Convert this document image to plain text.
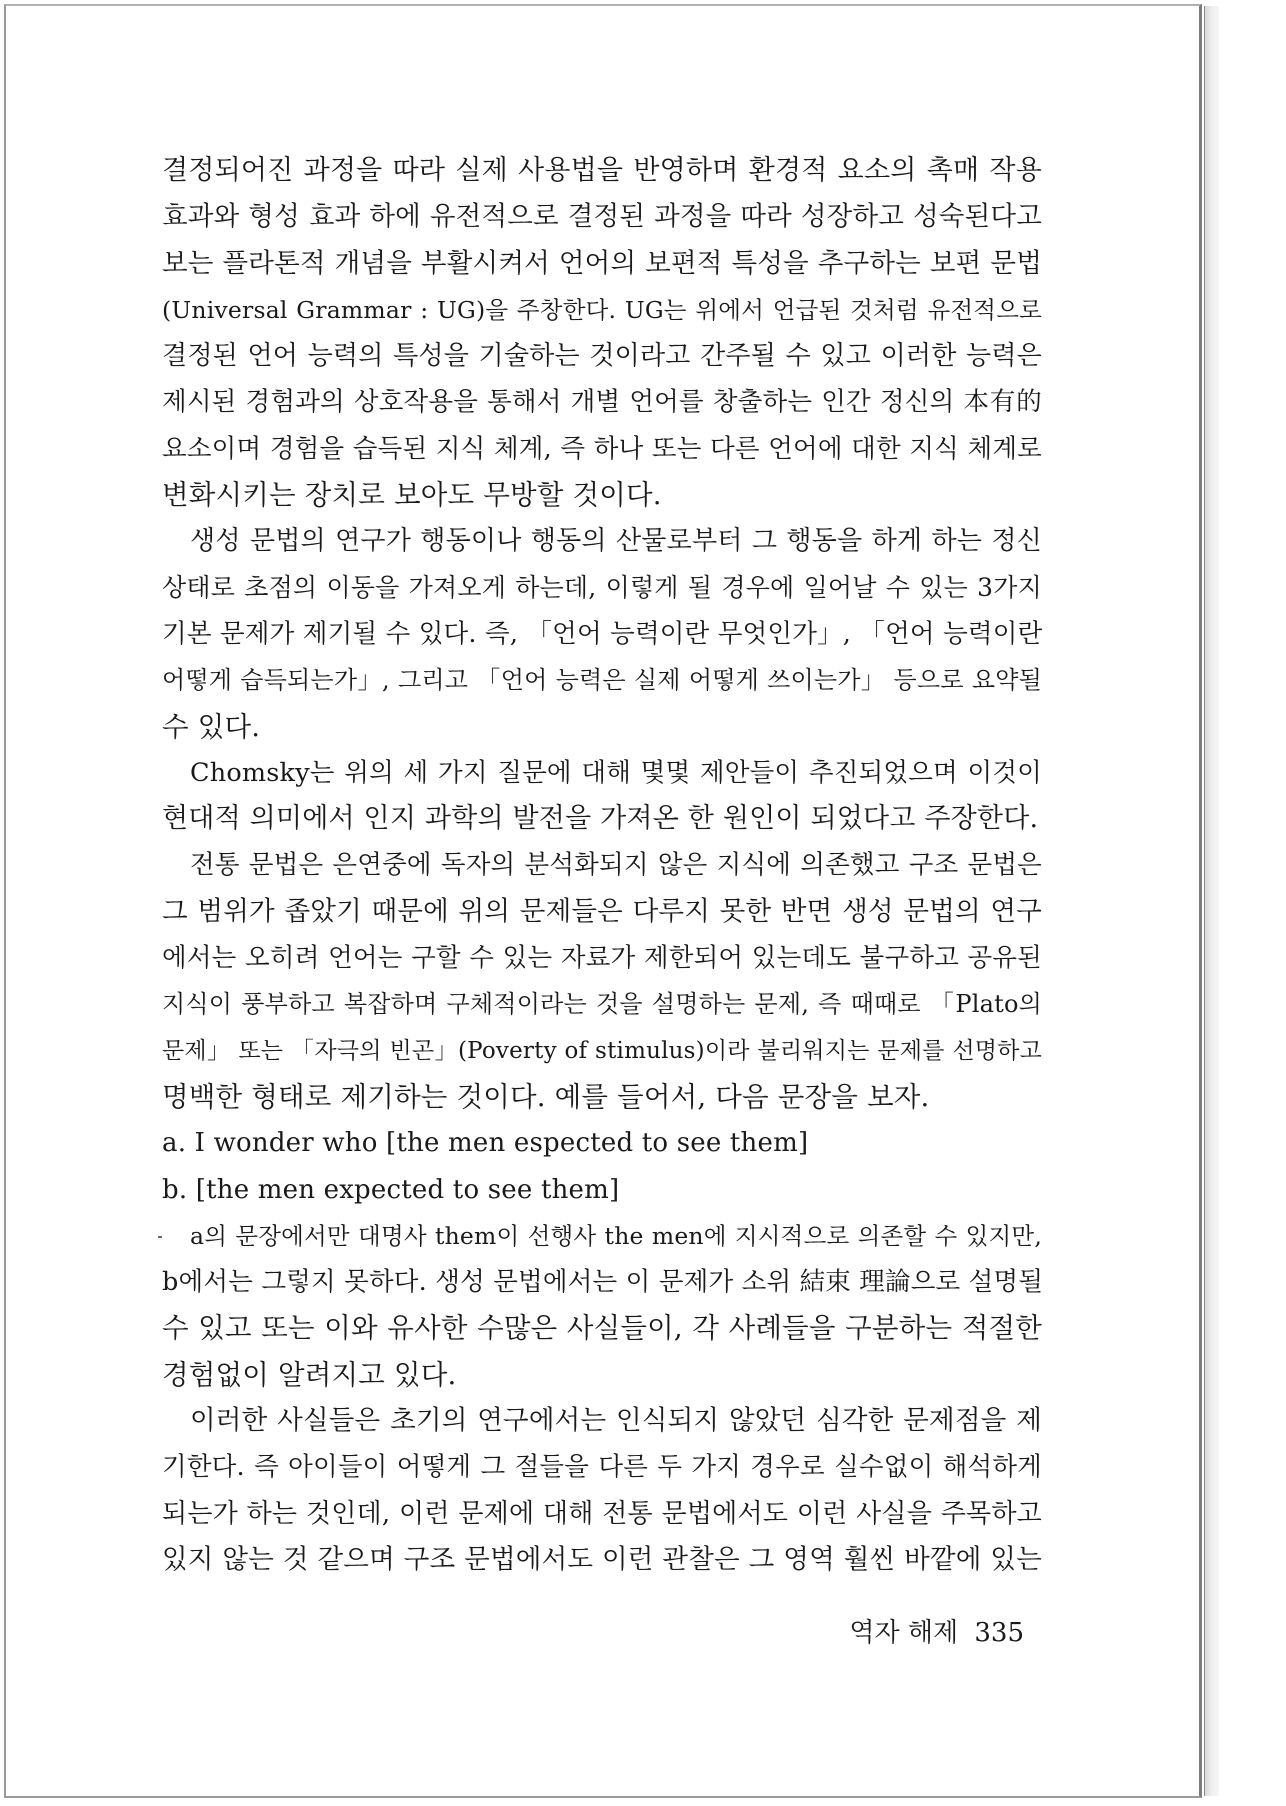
결정되어진 과정을 따라 실제 사용법을 반영하며 환경적 요소의 촉매 작용
효과와 형성 효과 하에 유전적으로 결정된 과정을 따라 성장하고 성숙된다고
보는 플라톤적 개념을 부활시켜서 언어의 보편적 특성을 추구하는 보편 문법
(Universal Grammar : UG)을 주창한다. UG는 위에서 언급된 것처럼 유전적으로
결정된 언어 능력의 특성을 기술하는 것이라고 간주될 수 있고 이러한 능력은
제시된 경험과의 상호작용을 통해서 개별 언어를 창출하는 인간 정신의 本有的
요소이며 경험을 습득된 지식 체계, 즉 하나 또는 다른 언어에 대한 지식 체계로
변화시키는 장치로 보아도 무방할 것이다.
생성 문법의 연구가 행동이나 행동의 산물로부터 그 행동을 하게 하는 정신
상태로 초점의 이동을 가져오게 하는데, 이렇게 될 경우에 일어날 수 있는 3가지
기본 문제가 제기될 수 있다. 즉, 「언어 능력이란 무엇인가」, 「언어 능력이란
어떻게 습득되는가」, 그리고 「언어 능력은 실제 어떻게 쓰이는가」 등으로 요약될
수 있다.
Chomsky는 위의 세 가지 질문에 대해 몇몇 제안들이 추진되었으며 이것이
현대적 의미에서 인지 과학의 발전을 가져온 한 원인이 되었다고 주장한다.
전통 문법은 은연중에 독자의 분석화되지 않은 지식에 의존했고 구조 문법은
그 범위가 좁았기 때문에 위의 문제들은 다루지 못한 반면 생성 문법의 연구
에서는 오히려 언어는 구할 수 있는 자료가 제한되어 있는데도 불구하고 공유된
지식이 풍부하고 복잡하며 구체적이라는 것을 설명하는 문제, 즉 때때로 「Plato의
문제」 또는 「자극의 빈곤」(Poverty of stimulus)이라 불리워지는 문제를 선명하고
명백한 형태로 제기하는 것이다. 예를 들어서, 다음 문장을 보자.
a. I wonder who [the men espected to see them]
b. [the men expected to see them]
a의 문장에서만 대명사 them이 선행사 the men에 지시적으로 의존할 수 있지만,
b에서는 그렇지 못하다. 생성 문법에서는 이 문제가 소위 結束 理論으로 설명될
수 있고 또는 이와 유사한 수많은 사실들이, 각 사례들을 구분하는 적절한
경험없이 알려지고 있다.
이러한 사실들은 초기의 연구에서는 인식되지 않았던 심각한 문제점을 제
기한다. 즉 아이들이 어떻게 그 절들을 다른 두 가지 경우로 실수없이 해석하게
되는가 하는 것인데, 이런 문제에 대해 전통 문법에서도 이런 사실을 주목하고
있지 않는 것 같으며 구조 문법에서도 이런 관찰은 그 영역 훨씬 바깥에 있는
역자 해제 335
